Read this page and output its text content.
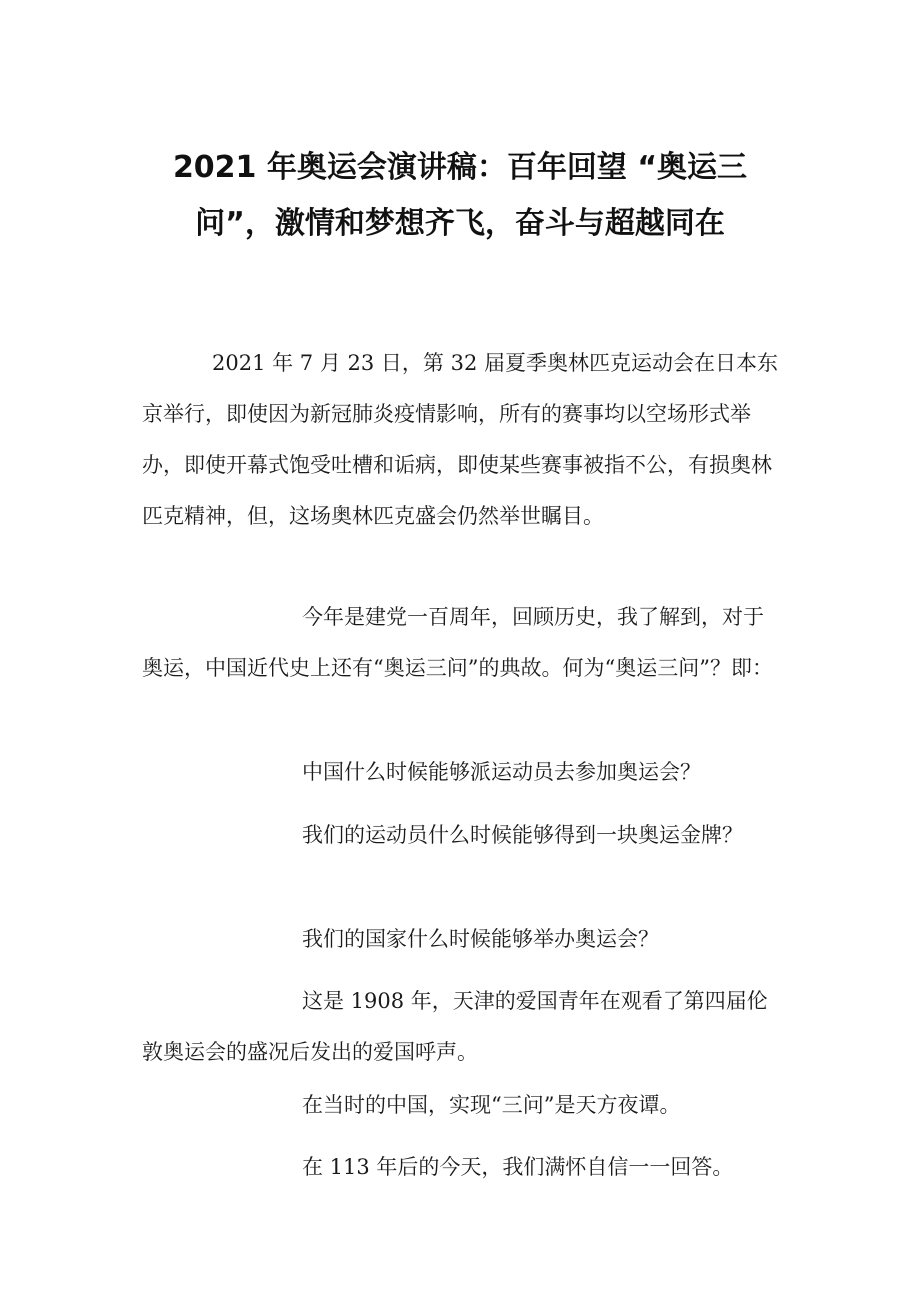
2021 年奥运会演讲稿：百年回望 “奥运三
问”，激情和梦想齐飞，奋斗与超越同在

2021 年 7 月 23 日，第 32 届夏季奥林匹克运动会在日本东京举行，即使因为新冠肺炎疫情影响，所有的赛事均以空场形式举办，即使开幕式饱受吐槽和诟病，即使某些赛事被指不公，有损奥林匹克精神，但，这场奥林匹克盛会仍然举世瞩目。

今年是建党一百周年，回顾历史，我了解到，对于奥运，中国近代史上还有“奥运三问”的典故。何为“奥运三问”？即：

中国什么时候能够派运动员去参加奥运会？

我们的运动员什么时候能够得到一块奥运金牌？

我们的国家什么时候能够举办奥运会？

这是 1908 年，天津的爱国青年在观看了第四届伦敦奥运会的盛况后发出的爱国呼声。

在当时的中国，实现“三问”是天方夜谭。

在 113 年后的今天，我们满怀自信一一回答。
